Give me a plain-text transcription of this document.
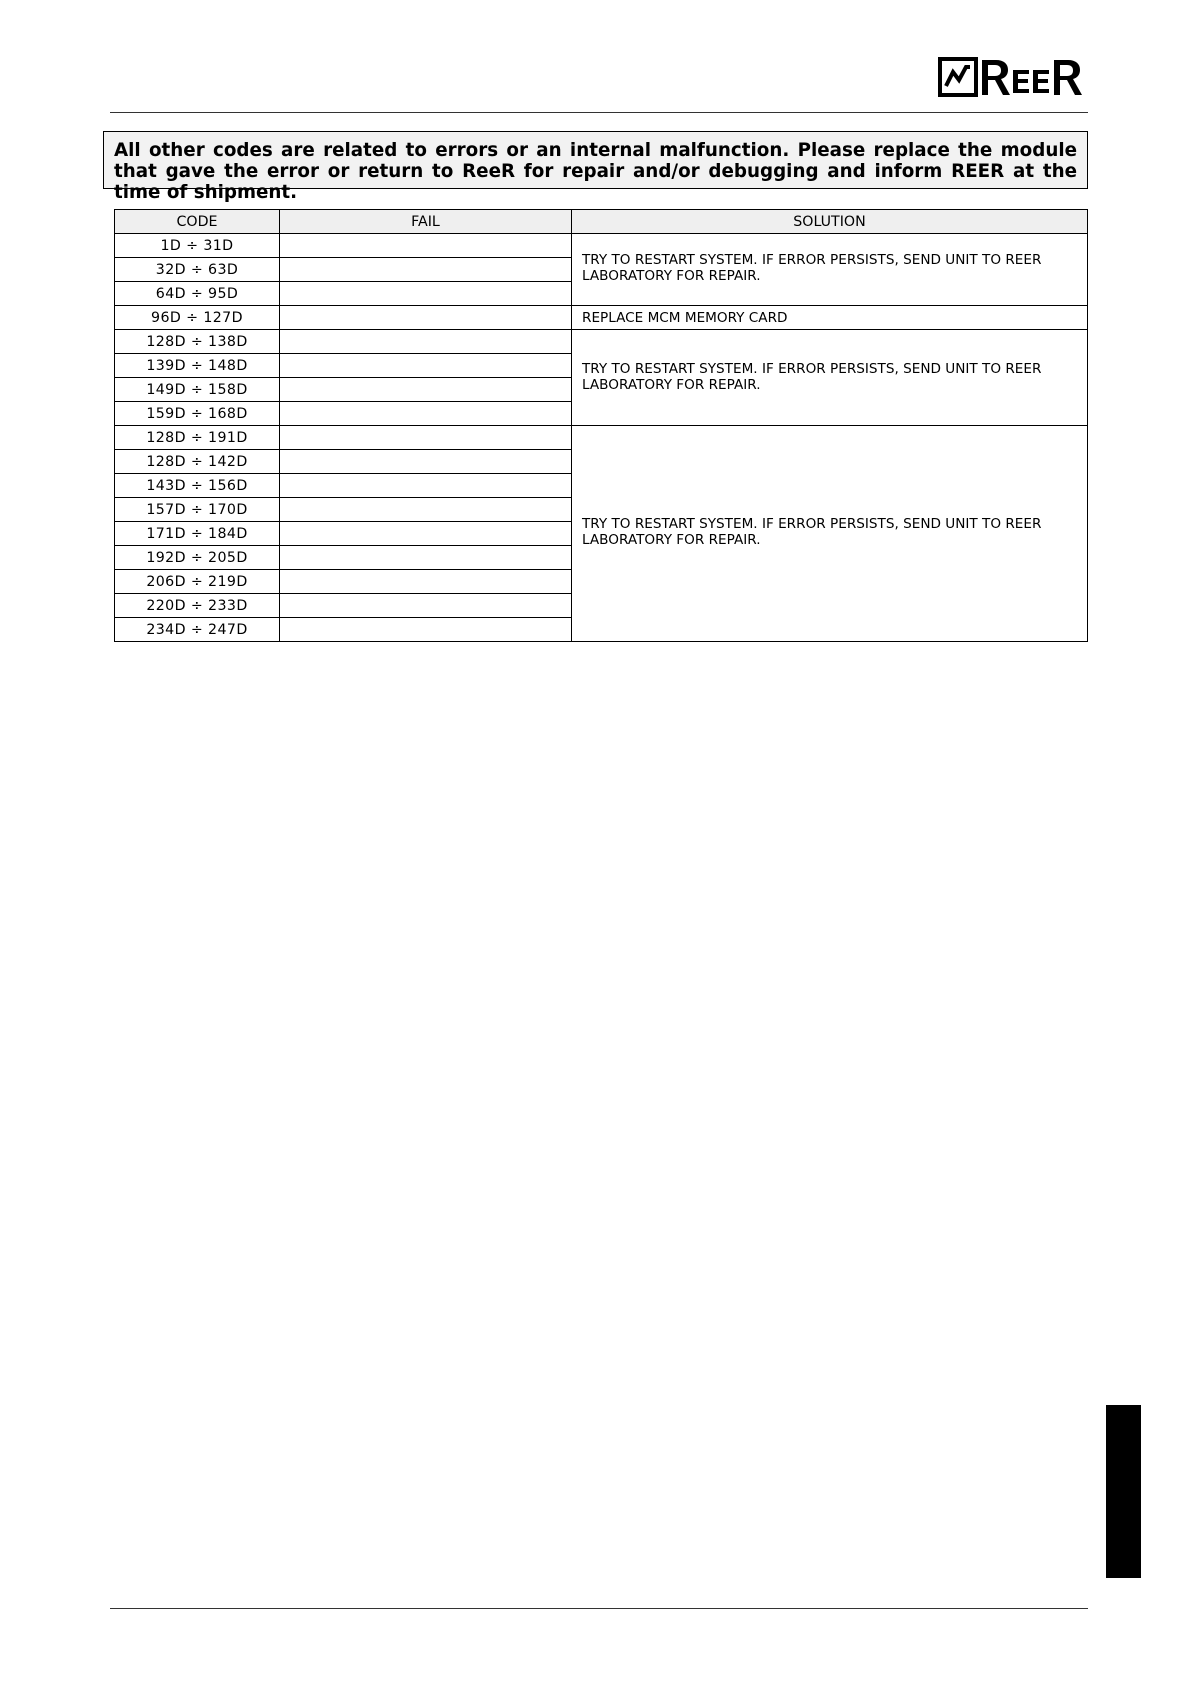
All other codes are related to errors or an internal malfunction. Please replace the module that gave the error or return to ReeR for repair and/or debugging and inform REER at the time of shipment.
CODE	FAIL	SOLUTION
1D ÷ 31D		TRY TO RESTART SYSTEM. IF ERROR PERSISTS, SEND UNIT TO REER LABORATORY FOR REPAIR.

32D ÷ 63D		
64D ÷ 95D		
96D ÷ 127D		REPLACE MCM MEMORY CARD
128D ÷ 138D		TRY TO RESTART SYSTEM. IF ERROR PERSISTS, SEND UNIT TO REER LABORATORY FOR REPAIR.

139D ÷ 148D		
149D ÷ 158D		
159D ÷ 168D		
128D ÷ 191D		TRY TO RESTART SYSTEM. IF ERROR PERSISTS, SEND UNIT TO REER LABORATORY FOR REPAIR.

128D ÷ 142D		
143D ÷ 156D		
157D ÷ 170D		
171D ÷ 184D		
192D ÷ 205D		
206D ÷ 219D		
220D ÷ 233D		
234D ÷ 247D		
